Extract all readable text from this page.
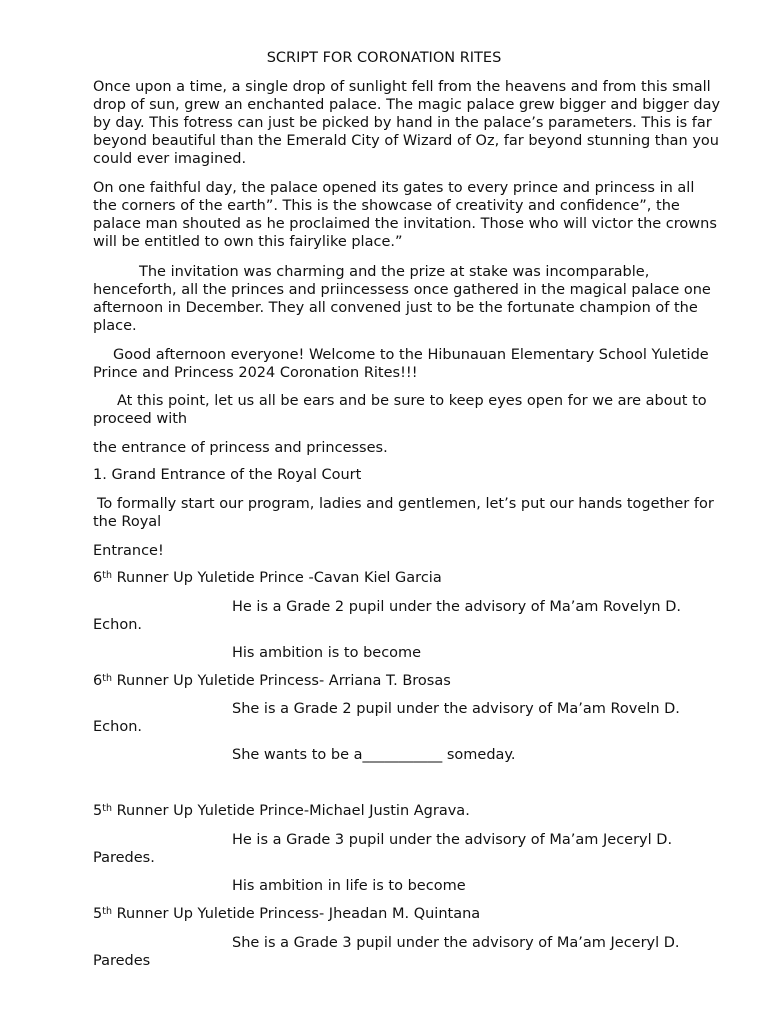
SCRIPT FOR CORONATION RITES

Once upon a time, a single drop of sunlight fell from the heavens and from this small drop of sun, grew an enchanted palace. The magic palace grew bigger and bigger day by day. This fotress can just be picked by hand in the palace’s parameters. This is far beyond beautiful than the Emerald City of Wizard of Oz, far beyond stunning than you could ever imagined.

On one faithful day, the palace opened its gates to every prince and princess in all the corners of the earth”. This is the showcase of creativity and confidence”, the palace man shouted as he proclaimed the invitation. Those who will victor the crowns will be entitled to own this fairylike place.”

The invitation was charming and the prize at stake was incomparable, henceforth, all the princes and priincessess once gathered in the magical palace one afternoon in December. They all convened just to be the fortunate champion of the place.

Good afternoon everyone! Welcome to the Hibunauan Elementary School Yuletide Prince and Princess 2024 Coronation Rites!!!

At this point, let us all be ears and be sure to keep eyes open for we are about to proceed with

the entrance of princess and princesses.

1. Grand Entrance of the Royal Court

To formally start our program, ladies and gentlemen, let’s put our hands together for the Royal

Entrance!

6th Runner Up Yuletide Prince -Cavan Kiel Garcia

He is a Grade 2 pupil under the advisory of Ma’am Rovelyn D. Echon.

His ambition is to become

6th Runner Up Yuletide Princess- Arriana T. Brosas

She is a Grade 2 pupil under the advisory of Ma’am Roveln D. Echon.

She wants to be a___________ someday.

5th Runner Up Yuletide Prince-Michael Justin Agrava.

He is a Grade 3 pupil under the advisory of Ma’am Jeceryl D. Paredes.

His ambition in life is to become

5th Runner Up Yuletide Princess- Jheadan M. Quintana

She is a Grade 3 pupil under the advisory of Ma’am Jeceryl D. Paredes
